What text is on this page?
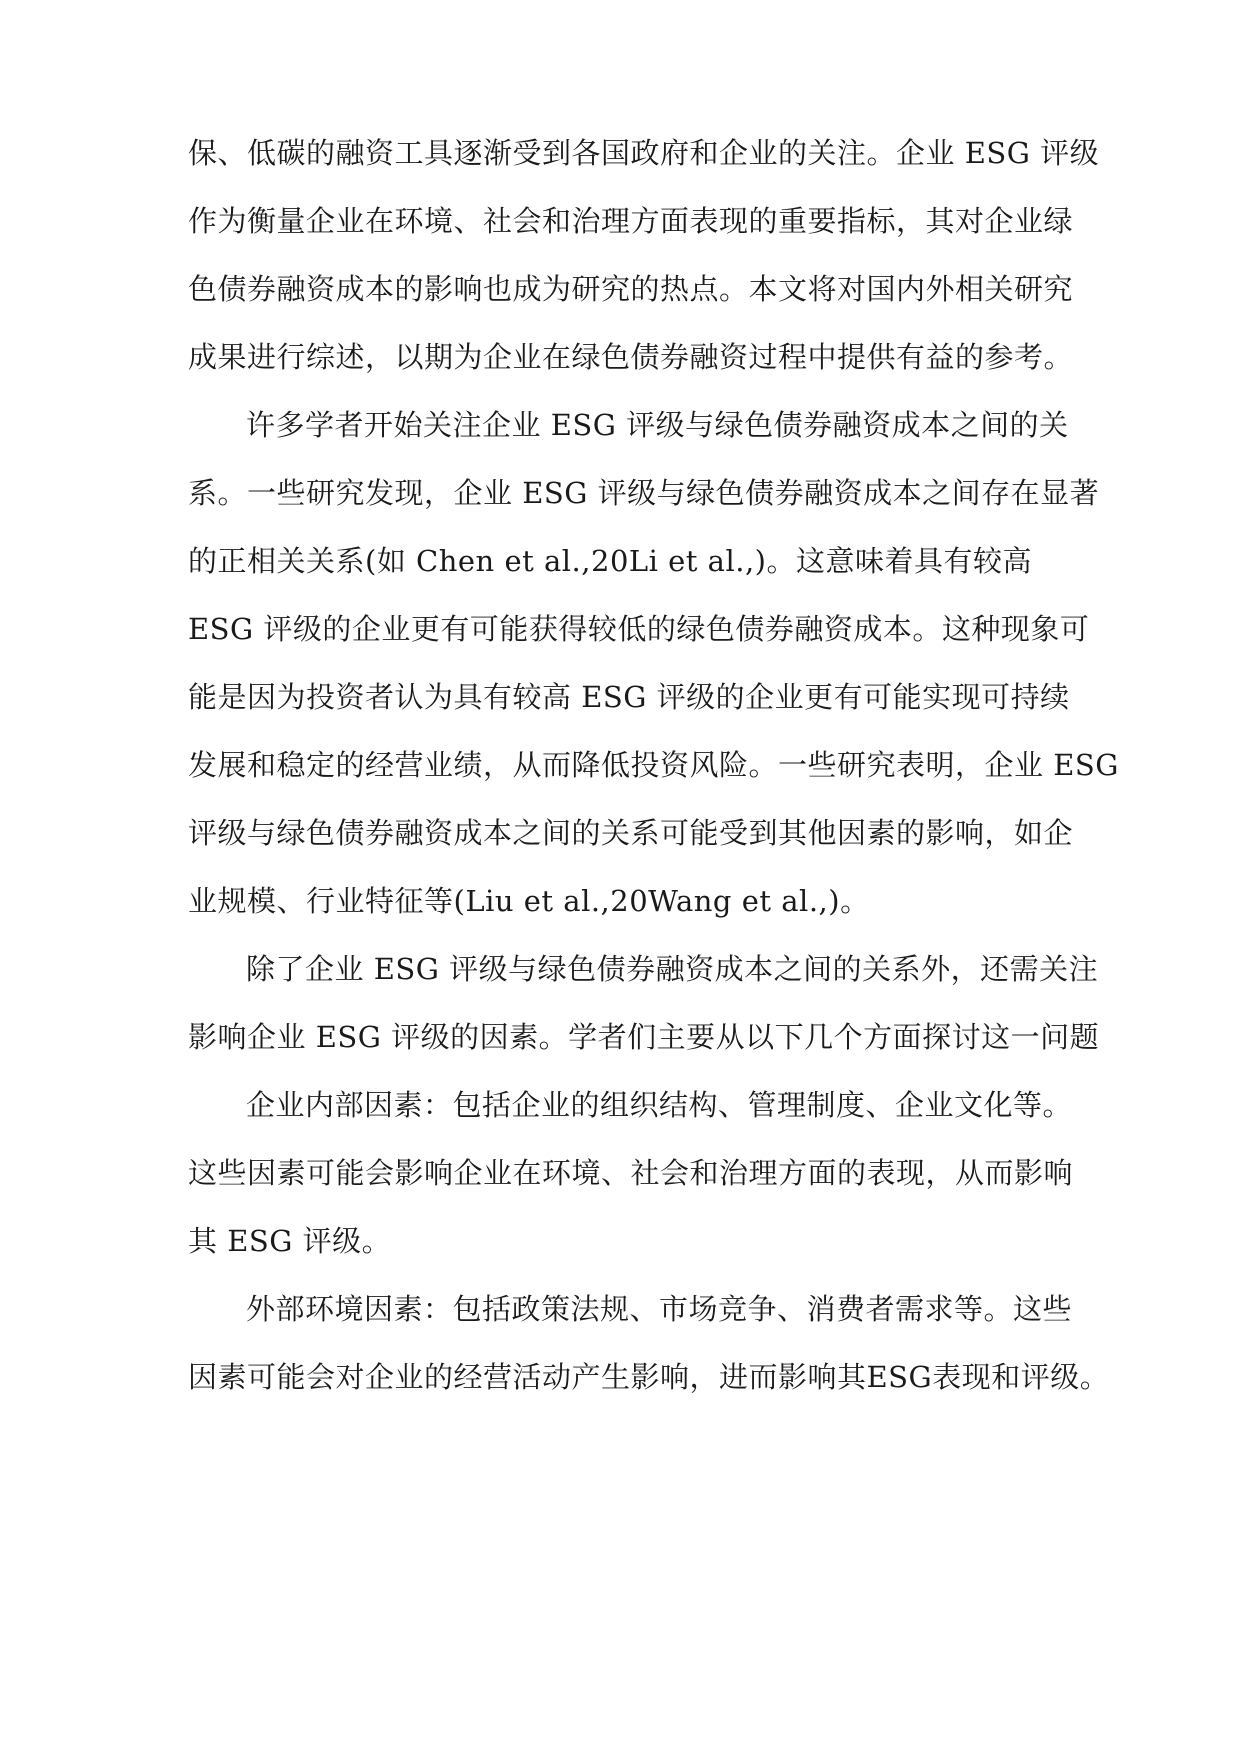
保、低碳的融资工具逐渐受到各国政府和企业的关注。企业 ESG 评级
作为衡量企业在环境、社会和治理方面表现的重要指标，其对企业绿
色债券融资成本的影响也成为研究的热点。本文将对国内外相关研究
成果进行综述，以期为企业在绿色债券融资过程中提供有益的参考。
许多学者开始关注企业 ESG 评级与绿色债券融资成本之间的关
系。一些研究发现，企业 ESG 评级与绿色债券融资成本之间存在显著
的正相关关系(如 Chen et al.,20Li et al.,)。这意味着具有较高
ESG 评级的企业更有可能获得较低的绿色债券融资成本。这种现象可
能是因为投资者认为具有较高 ESG 评级的企业更有可能实现可持续
发展和稳定的经营业绩，从而降低投资风险。一些研究表明，企业 ESG
评级与绿色债券融资成本之间的关系可能受到其他因素的影响，如企
业规模、行业特征等(Liu et al.,20Wang et al.,)。
除了企业 ESG 评级与绿色债券融资成本之间的关系外，还需关注
影响企业 ESG 评级的因素。学者们主要从以下几个方面探讨这一问题
企业内部因素：包括企业的组织结构、管理制度、企业文化等。
这些因素可能会影响企业在环境、社会和治理方面的表现，从而影响
其 ESG 评级。
外部环境因素：包括政策法规、市场竞争、消费者需求等。这些
因素可能会对企业的经营活动产生影响，进而影响其ESG表现和评级。
